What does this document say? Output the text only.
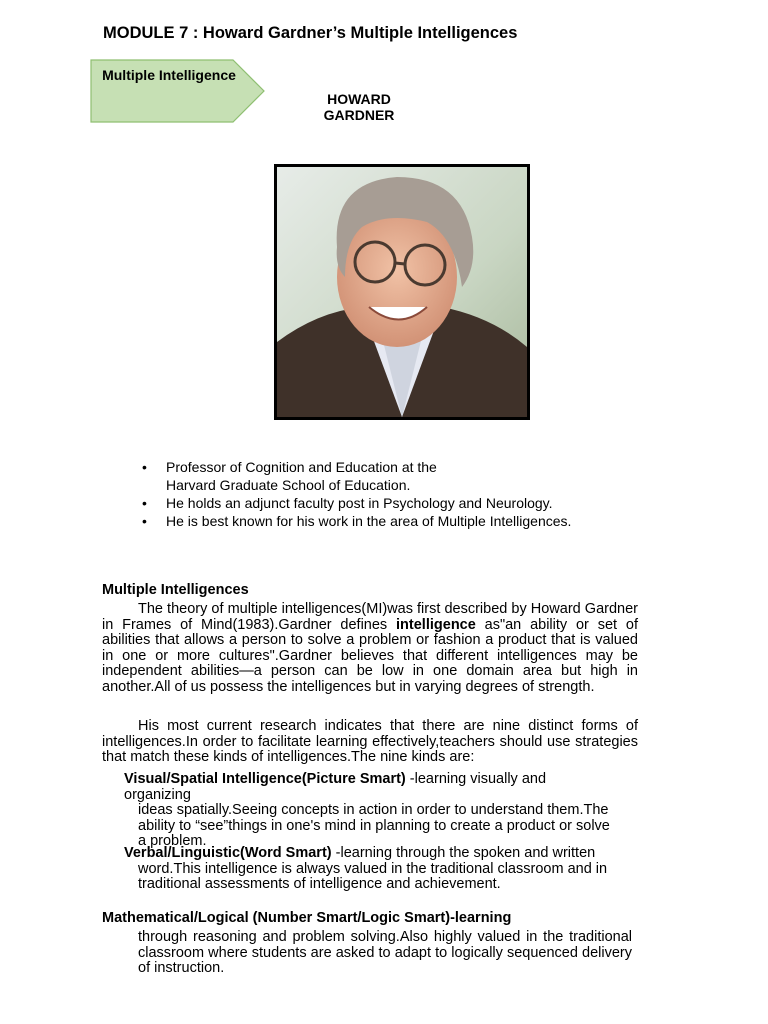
MODULE 7 : Howard Gardner’s Multiple Intelligences
Multiple Intelligence
HOWARD GARDNER
• Professor of Cognition and Education at the
Harvard Graduate School of Education.
• He holds an adjunct faculty post in Psychology and Neurology.
• He is best known for his work in the area of Multiple Intelligences.
Multiple Intelligences
The theory of multiple intelligences(MI)was first described by Howard Gardner in Frames of Mind(1983).Gardner defines intelligence as"an ability or set of abilities that allows a person to solve a problem or fashion a product that is valued in one or more cultures".Gardner believes that different intelligences may be independent abilities—a person can be low in one domain area but high in another.All of us possess the intelligences but in varying degrees of strength.
His most current research indicates that there are nine distinct forms of intelligences.In order to facilitate learning effectively,teachers should use strategies that match these kinds of intelligences.The nine kinds are:
Visual/Spatial Intelligence(Picture Smart) -learning visually and organizing
ideas spatially.Seeing concepts in action in order to understand them.The ability to “see”things in one's mind in planning to create a product or solve a problem.
Verbal/Linguistic(Word Smart) -learning through the spoken and written
word.This intelligence is always valued in the traditional classroom and in traditional assessments of intelligence and achievement.
Mathematical/Logical (Number Smart/Logic Smart)-learning
through reasoning and problem solving.Also highly valued in the traditional classroom where students are asked to adapt to logically sequenced delivery of instruction.
